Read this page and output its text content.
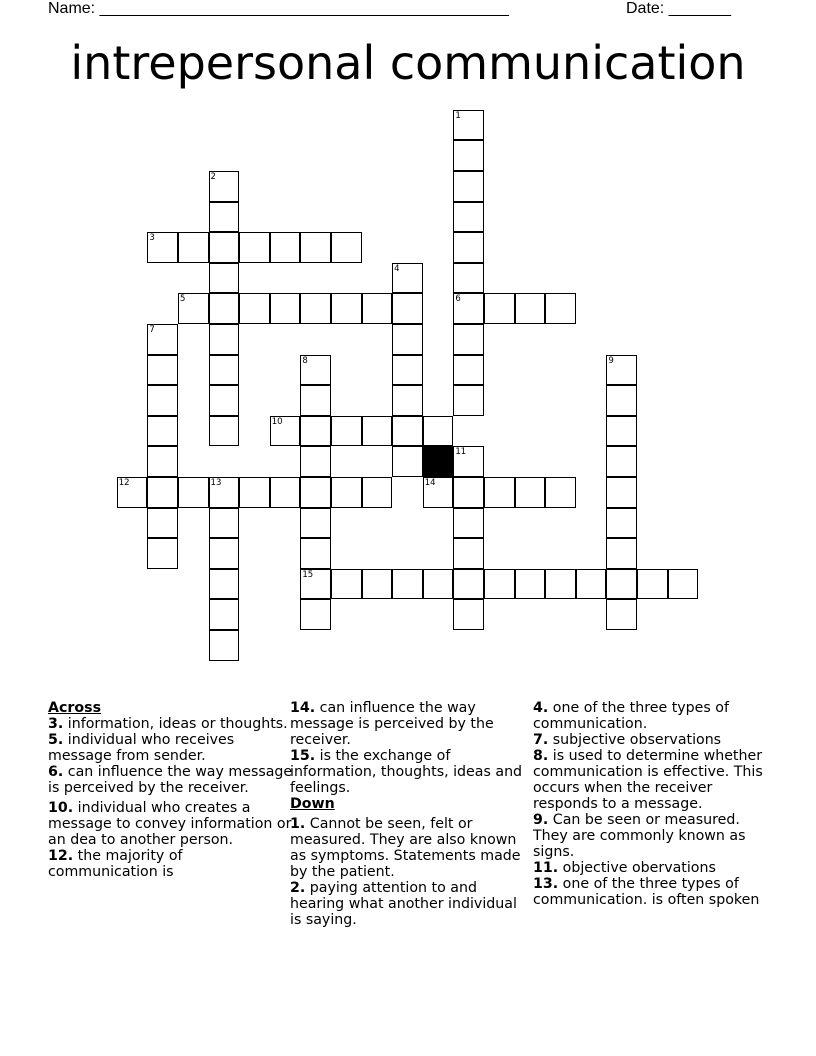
Name: ______________________________________________	Date: _______
intrepersonal communication
1
6
2
3
4
5
7
8
15
9
10
11
12	13	14
Across
3. information, ideas or thoughts.
5. individual who receives message from sender.
6. can influence the way message is perceived by the receiver.
10. individual who creates a message to convey information or an dea to another person.
12. the majority of communication is
14. can influence the way message is perceived by the receiver.
15. is the exchange of information, thoughts, ideas and feelings.
Down
1. Cannot be seen, felt or measured. They are also known as symptoms. Statements made by the patient.
2. paying attention to and hearing what another individual is saying.
4. one of the three types of communication.
7. subjective observations
8. is used to determine whether communication is effective. This occurs when the receiver responds to a message.
9. Can be seen or measured. They are commonly known as signs.
11. objective obervations
13. one of the three types of communication. is often spoken
